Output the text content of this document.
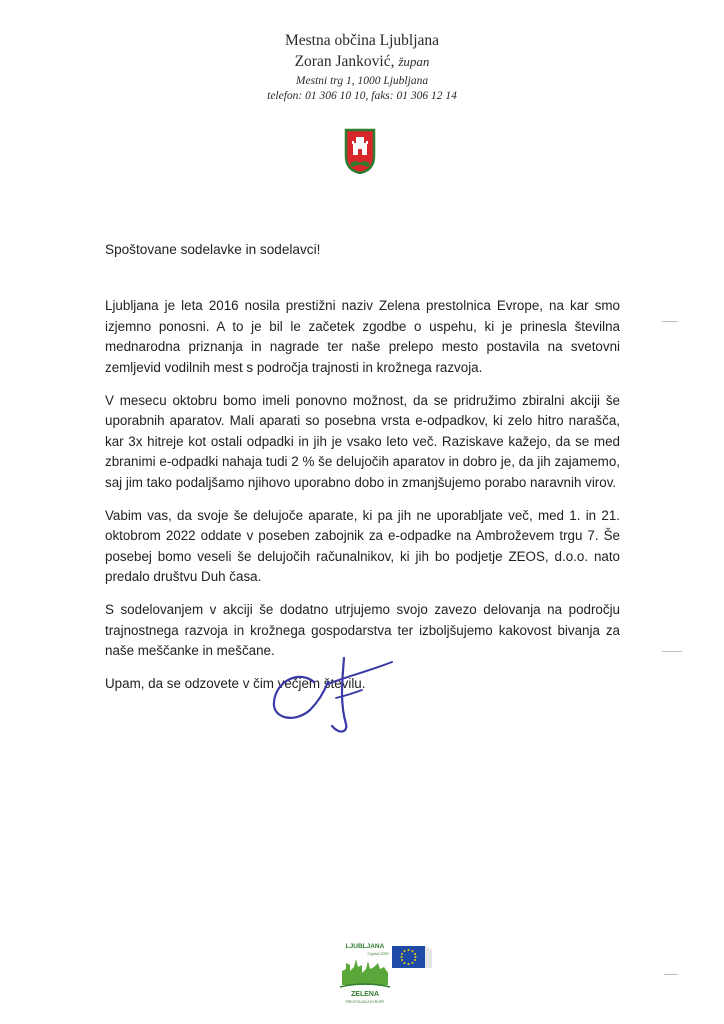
Mestna občina Ljubljana
Zoran Janković, župan
Mestni trg 1, 1000 Ljubljana
telefon: 01 306 10 10, faks: 01 306 12 14
Spoštovane sodelavke in sodelavci!

Ljubljana je leta 2016 nosila prestižni naziv Zelena prestolnica Evrope, na kar smo izjemno ponosni. A to je bil le začetek zgodbe o uspehu, ki je prinesla številna mednarodna priznanja in nagrade ter naše prelepo mesto postavila na svetovni zemljevid vodilnih mest s področja trajnosti in krožnega razvoja.

V mesecu oktobru bomo imeli ponovno možnost, da se pridružimo zbiralni akciji še uporabnih aparatov. Mali aparati so posebna vrsta e-odpadkov, ki zelo hitro narašča, kar 3x hitreje kot ostali odpadki in jih je vsako leto več. Raziskave kažejo, da se med zbranimi e-odpadki nahaja tudi 2 % še delujočih aparatov in dobro je, da jih zajamemo, saj jim tako podaljšamo njihovo uporabno dobo in zmanjšujemo porabo naravnih virov.

Vabim vas, da svoje še delujoče aparate, ki pa jih ne uporabljate več, med 1. in 21. oktobrom 2022 oddate v poseben zabojnik za e-odpadke na Ambroževem trgu 7. Še posebej bomo veseli še delujočih računalnikov, ki jih bo podjetje ZEOS, d.o.o. nato predalo društvu Duh časa.

S sodelovanjem v akciji še dodatno utrjujemo svojo zavezo delovanja na področju trajnostnega razvoja in krožnega gospodarstva ter izboljšujemo kakovost bivanja za naše meščanke in meščane.

Upam, da se odzovete v čim večjem številu.

LJUBLJANA
Capital 2016
ZELENA
PRESTOLNICA EVROPE
